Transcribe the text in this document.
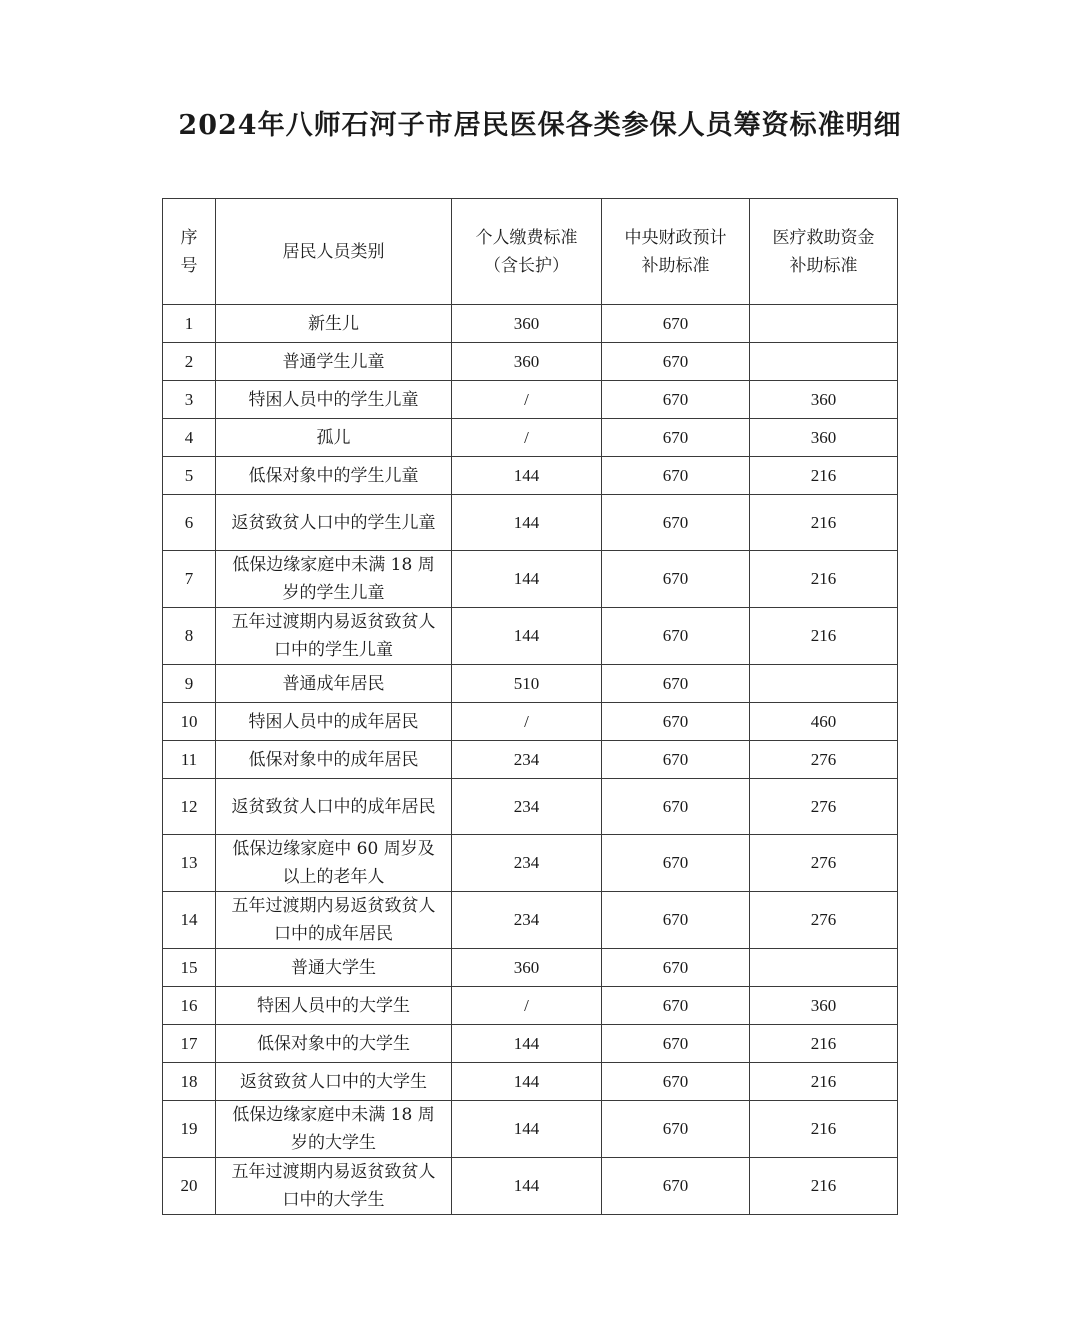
2024年八师石河子市居民医保各类参保人员筹资标准明细
序号	居民人员类别	个人缴费标准（含长护）	中央财政预计补助标准	医疗救助资金补助标准
1	新生儿	360	670	
2	普通学生儿童	360	670	
3	特困人员中的学生儿童	/	670	360
4	孤儿	/	670	360
5	低保对象中的学生儿童	144	670	216
6	返贫致贫人口中的学生儿童	144	670	216
7	低保边缘家庭中未满 18 周岁的学生儿童	144	670	216
8	五年过渡期内易返贫致贫人口中的学生儿童	144	670	216
9	普通成年居民	510	670	
10	特困人员中的成年居民	/	670	460
11	低保对象中的成年居民	234	670	276
12	返贫致贫人口中的成年居民	234	670	276
13	低保边缘家庭中 60 周岁及以上的老年人	234	670	276
14	五年过渡期内易返贫致贫人口中的成年居民	234	670	276
15	普通大学生	360	670	
16	特困人员中的大学生	/	670	360
17	低保对象中的大学生	144	670	216
18	返贫致贫人口中的大学生	144	670	216
19	低保边缘家庭中未满 18 周岁的大学生	144	670	216
20	五年过渡期内易返贫致贫人口中的大学生	144	670	216
